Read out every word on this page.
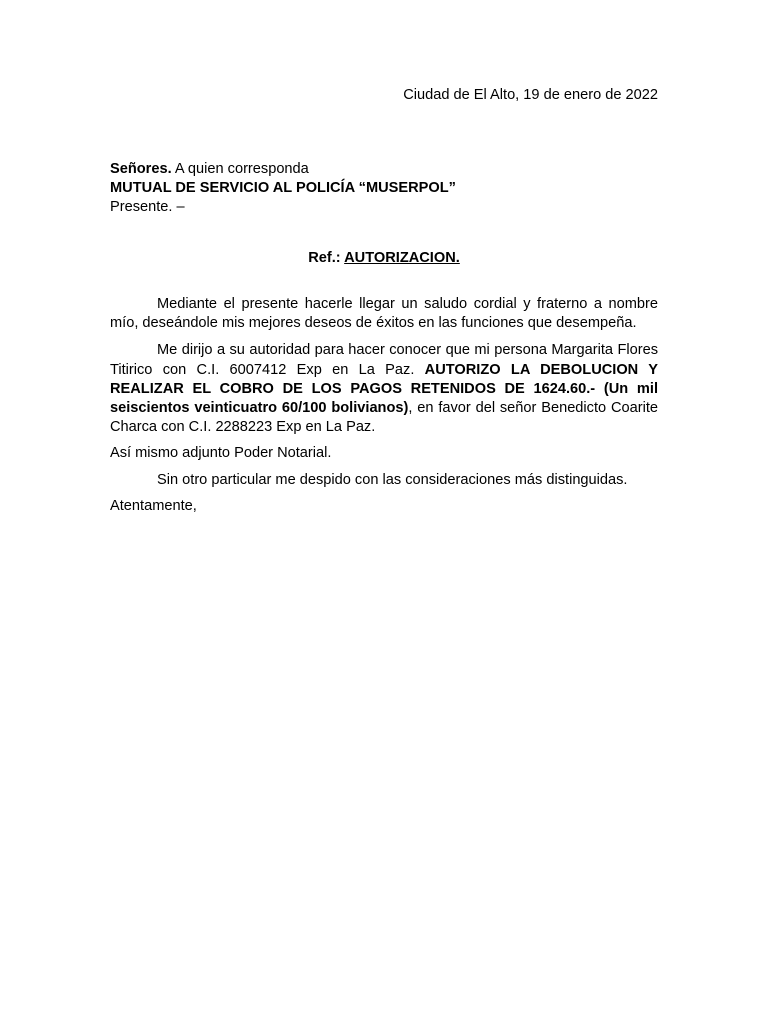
Ciudad de El Alto, 19 de enero de 2022
Señores. A quien corresponda
MUTUAL DE SERVICIO AL POLICÍA “MUSERPOL”
Presente. –
Ref.: AUTORIZACION.

Mediante el presente hacerle llegar un saludo cordial y fraterno a nombre mío, deseándole mis mejores deseos de éxitos en las funciones que desempeña.

Me dirijo a su autoridad para hacer conocer que mi persona Margarita Flores Titirico con C.I. 6007412 Exp en La Paz. AUTORIZO LA DEBOLUCION Y REALIZAR EL COBRO DE LOS PAGOS RETENIDOS DE 1624.60.- (Un mil seiscientos veinticuatro 60/100 bolivianos), en favor del señor Benedicto Coarite Charca con C.I. 2288223 Exp en La Paz.

Así mismo adjunto Poder Notarial.

Sin otro particular me despido con las consideraciones más distinguidas.

Atentamente,
